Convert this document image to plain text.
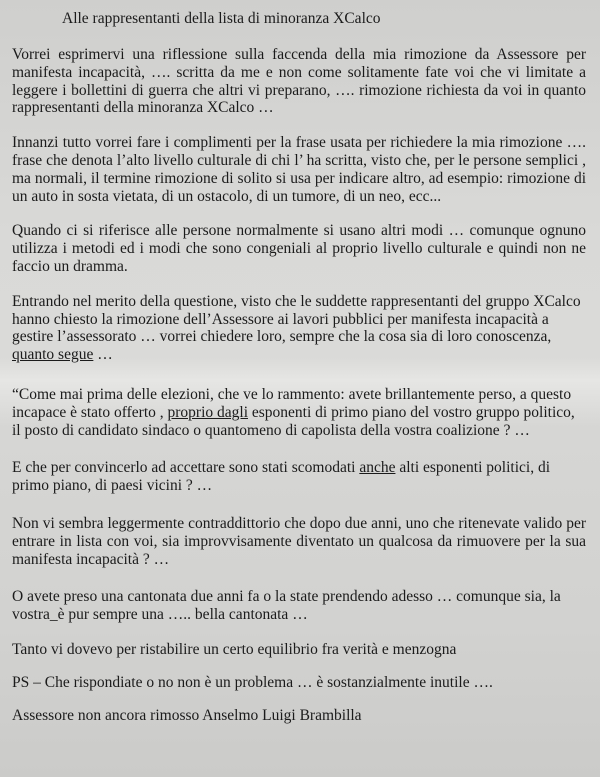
Alle rappresentanti della lista di minoranza XCalco

Vorrei esprimervi una riflessione sulla faccenda della mia rimozione da Assessore per manifesta incapacità, …. scritta da me e non come solitamente fate voi che vi limitate a leggere i bollettini di guerra che altri vi preparano, …. rimozione richiesta da voi in quanto rappresentanti della minoranza XCalco …

Innanzi tutto vorrei fare i complimenti per la frase usata per richiedere la mia rimozione …. frase che denota l’alto livello culturale di chi l’ ha scritta, visto che, per le persone semplici , ma normali, il termine rimozione di solito si usa per indicare altro, ad esempio: rimozione di un auto in sosta vietata, di un ostacolo, di un tumore, di un neo, ecc...

Quando ci si riferisce alle persone normalmente si usano altri modi … comunque ognuno utilizza i metodi ed i modi che sono congeniali al proprio livello culturale e quindi non ne faccio un dramma.

Entrando nel merito della questione, visto che le suddette rappresentanti del gruppo XCalco hanno chiesto la rimozione dell’Assessore ai lavori pubblici per manifesta incapacità a gestire l’assessorato … vorrei chiedere loro, sempre che la cosa sia di loro conoscenza, quanto segue …

“Come mai prima delle elezioni, che ve lo rammento: avete brillantemente perso, a questo incapace è stato offerto , proprio dagli esponenti di primo piano del vostro gruppo politico, il posto di candidato sindaco o quantomeno di capolista della vostra coalizione ? …

E che per convincerlo ad accettare sono stati scomodati anche alti esponenti politici, di primo piano, di paesi vicini ? …

Non vi sembra leggermente contraddittorio che dopo due anni, uno che ritenevate valido per entrare in lista con voi, sia improvvisamente diventato un qualcosa da rimuovere per la sua manifesta incapacità ? …

O avete preso una cantonata due anni fa o la state prendendo adesso … comunque sia, la vostra_è pur sempre una ….. bella cantonata …

Tanto vi dovevo per ristabilire un certo equilibrio fra verità e menzogna

PS – Che rispondiate o no non è un problema … è sostanzialmente inutile ….

Assessore non ancora rimosso Anselmo Luigi Brambilla
